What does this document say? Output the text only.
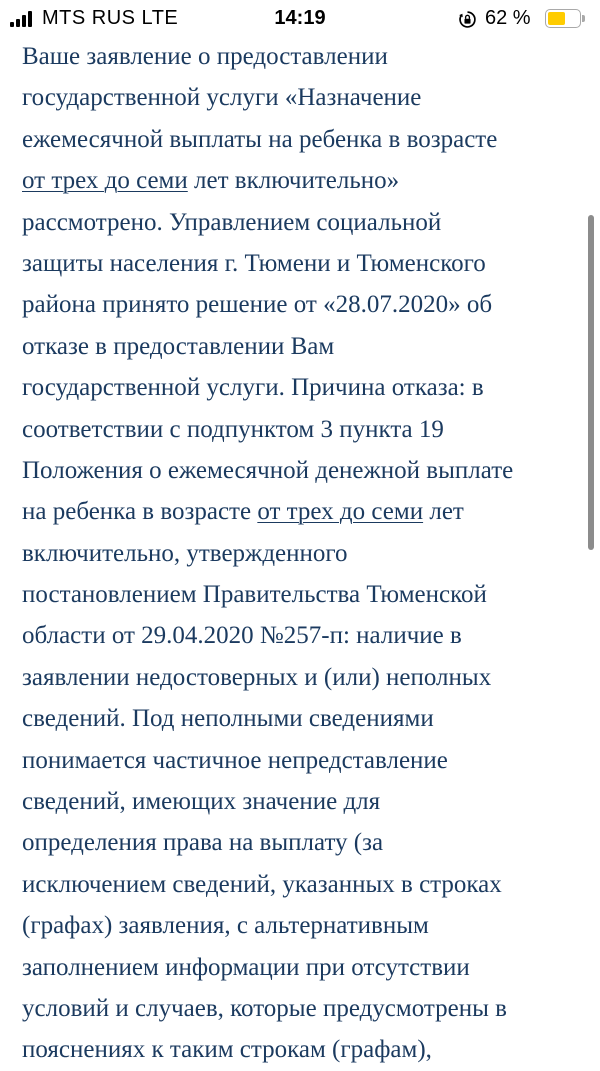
MTS RUS LTE	14:19	62 %
Ваше заявление о предоставлении
государственной услуги «Назначение
ежемесячной выплаты на ребенка в возрасте
от трех до семи лет включительно»
рассмотрено. Управлением социальной
защиты населения г. Тюмени и Тюменского
района принято решение от «28.07.2020» об
отказе в предоставлении Вам
государственной услуги. Причина отказа: в
соответствии с подпунктом 3 пункта 19
Положения о ежемесячной денежной выплате
на ребенка в возрасте от трех до семи лет
включительно, утвержденного
постановлением Правительства Тюменской
области от 29.04.2020 №257-п: наличие в
заявлении недостоверных и (или) неполных
сведений. Под неполными сведениями
понимается частичное непредставление
сведений, имеющих значение для
определения права на выплату (за
исключением сведений, указанных в строках
(графах) заявления, с альтернативным
заполнением информации при отсутствии
условий и случаев, которые предусмотрены в
пояснениях к таким строкам (графам),
